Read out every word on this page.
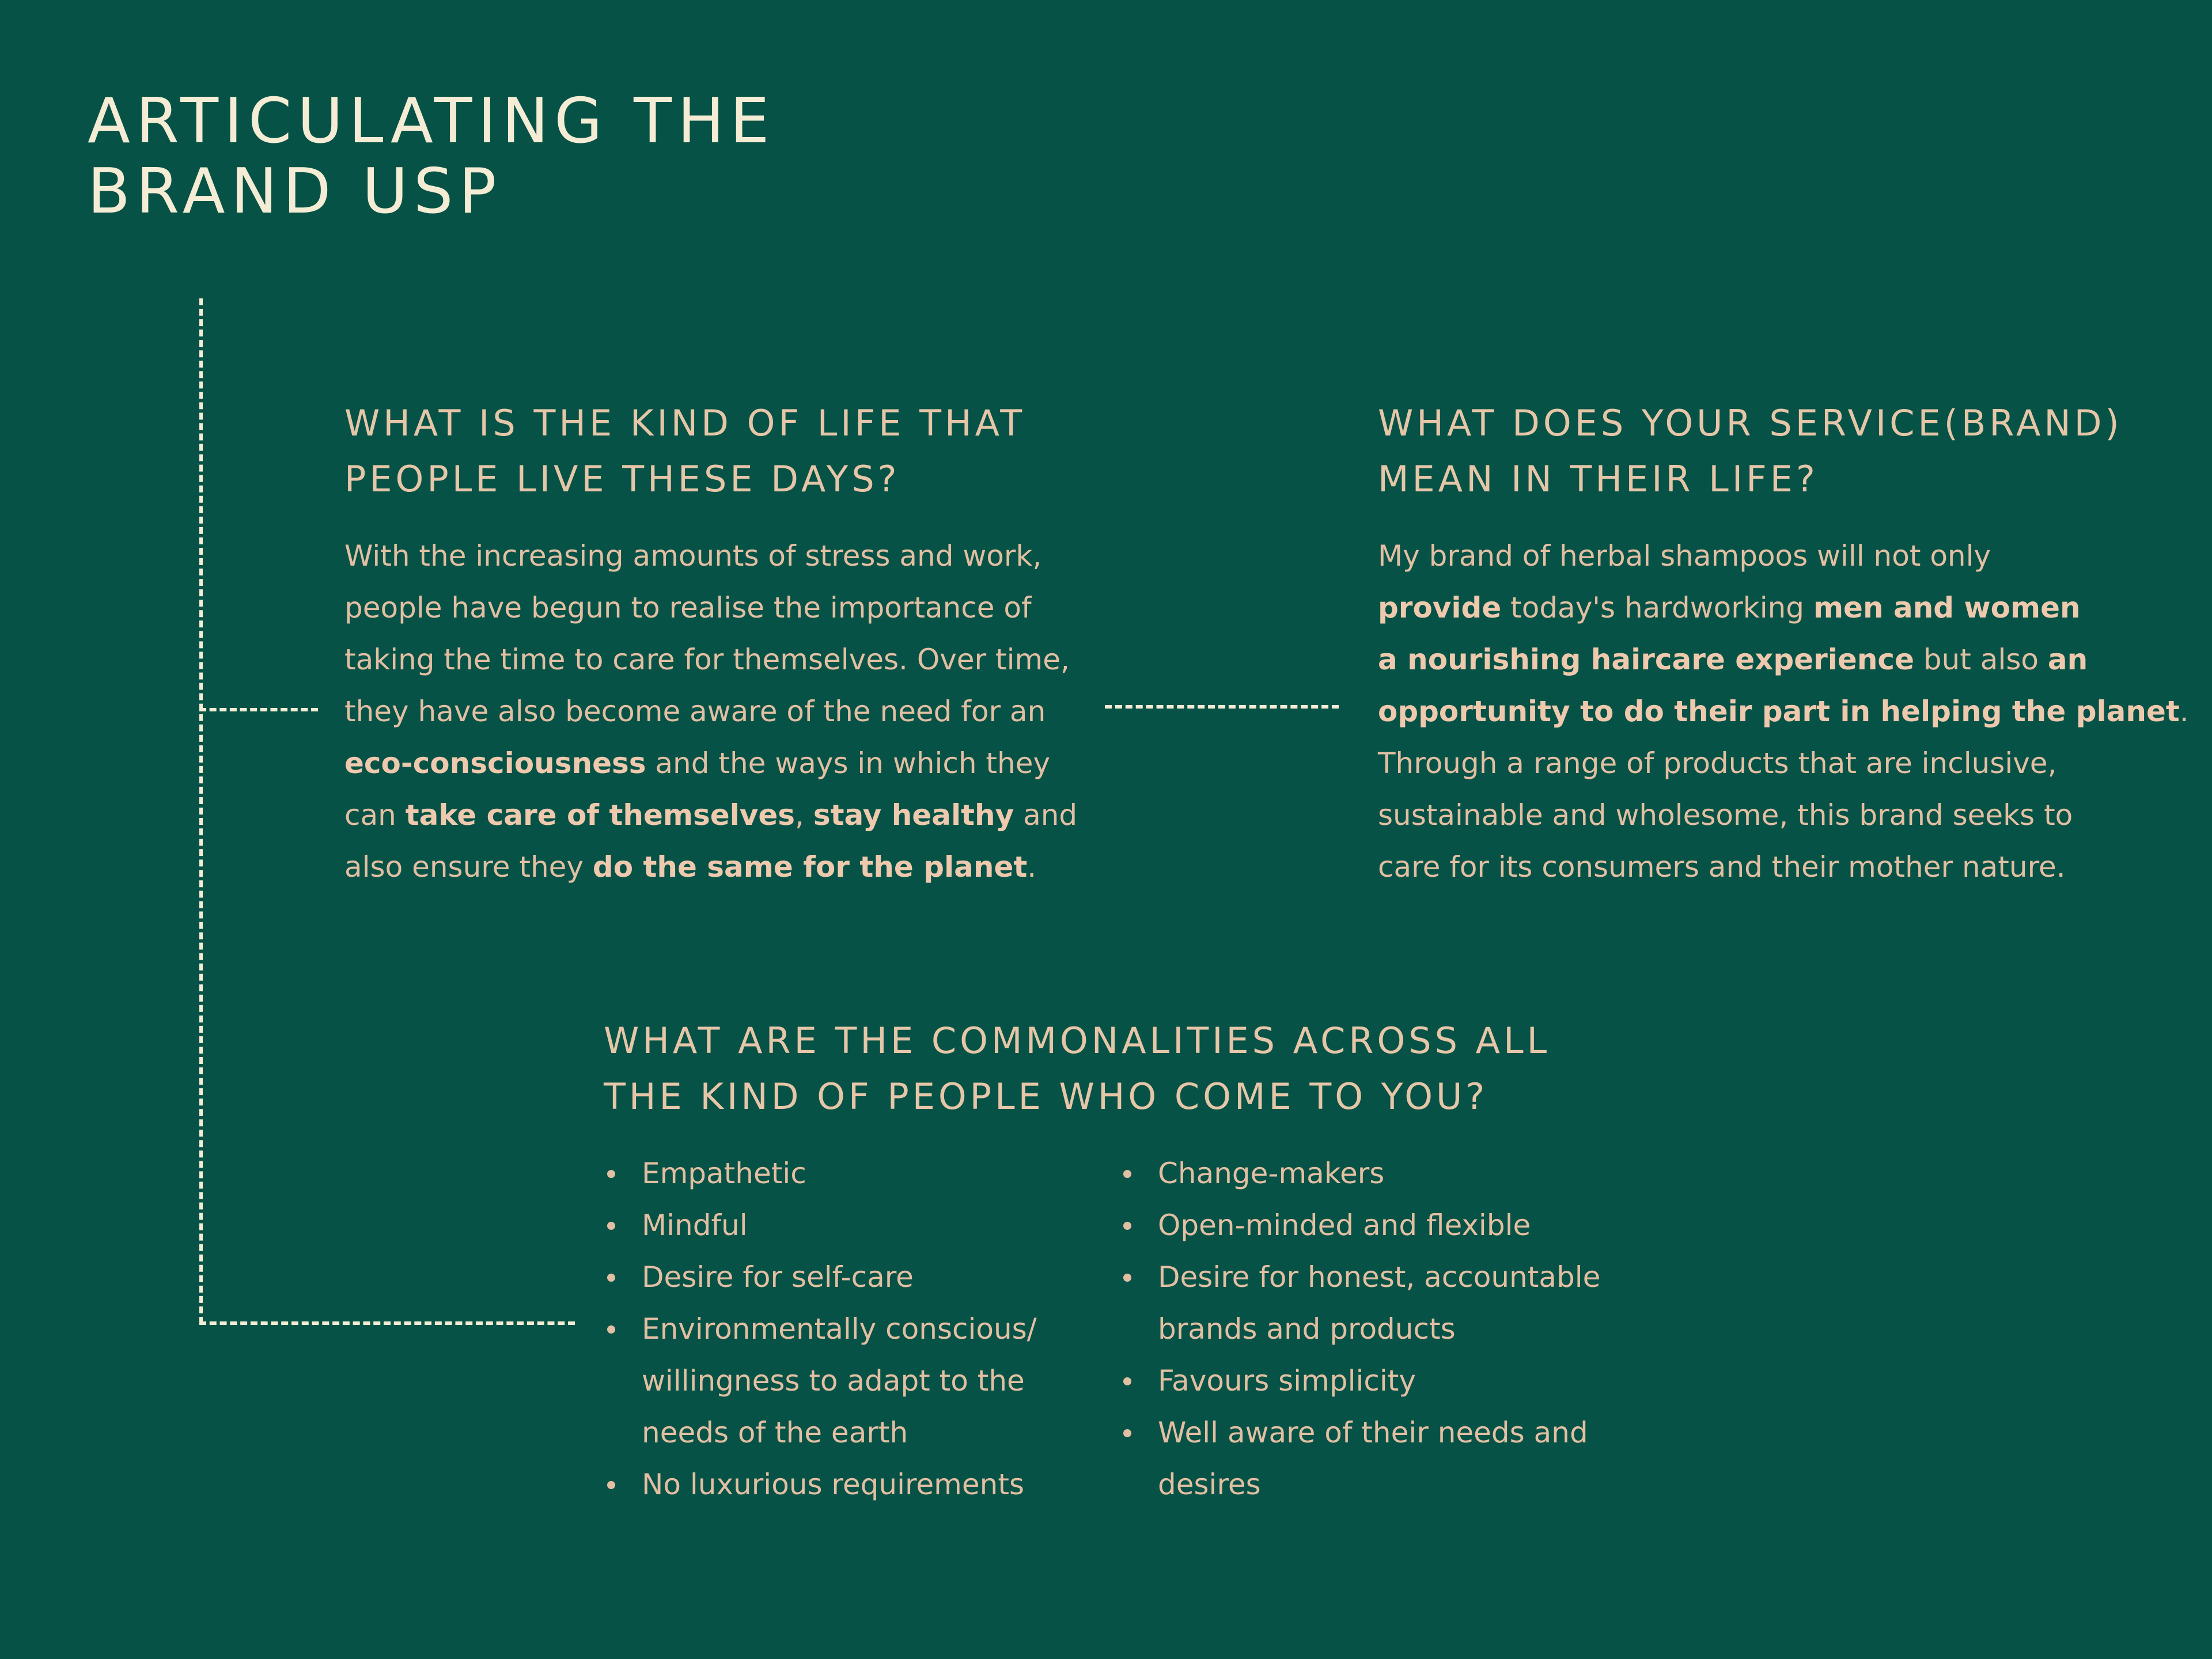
ARTICULATING THE
BRAND USP
WHAT IS THE KIND OF LIFE THAT
PEOPLE LIVE THESE DAYS?

With the increasing amounts of stress and work,
people have begun to realise the importance of
taking the time to care for themselves. Over time,
they have also become aware of the need for an
eco-consciousness and the ways in which they
can take care of themselves, stay healthy and
also ensure they do the same for the planet.

WHAT DOES YOUR SERVICE(BRAND)
MEAN IN THEIR LIFE?

My brand of herbal shampoos will not only
provide today's hardworking men and women
a nourishing haircare experience but also an
opportunity to do their part in helping the planet.
Through a range of products that are inclusive,
sustainable and wholesome, this brand seeks to
care for its consumers and their mother nature.

WHAT ARE THE COMMONALITIES ACROSS ALL
THE KIND OF PEOPLE WHO COME TO YOU?
Empathetic
Mindful
Desire for self-care
Environmentally conscious/
willingness to adapt to the
needs of the earth
No luxurious requirements
Change-makers
Open-minded and flexible
Desire for honest, accountable
brands and products
Favours simplicity
Well aware of their needs and
desires
